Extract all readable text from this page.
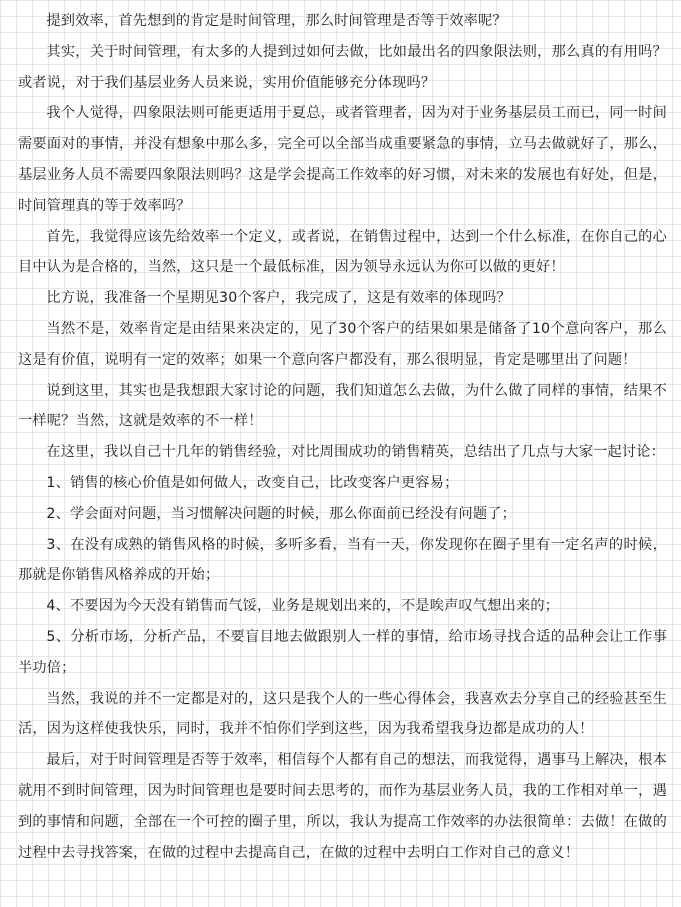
提到效率，首先想到的肯定是时间管理，那么时间管理是否等于效率呢？

其实，关于时间管理，有太多的人提到过如何去做，比如最出名的四象限法则，那么真的有用吗？或者说，对于我们基层业务人员来说，实用价值能够充分体现吗？

我个人觉得，四象限法则可能更适用于夏总，或者管理者，因为对于业务基层员工而已，同一时间需要面对的事情，并没有想象中那么多，完全可以全部当成重要紧急的事情，立马去做就好了，那么，基层业务人员不需要四象限法则吗？这是学会提高工作效率的好习惯，对未来的发展也有好处，但是，时间管理真的等于效率吗？

首先，我觉得应该先给效率一个定义，或者说，在销售过程中，达到一个什么标准，在你自己的心目中认为是合格的，当然，这只是一个最低标准，因为领导永远认为你可以做的更好！

比方说，我准备一个星期见30个客户，我完成了，这是有效率的体现吗？

当然不是，效率肯定是由结果来决定的，见了30个客户的结果如果是储备了10个意向客户，那么这是有价值，说明有一定的效率；如果一个意向客户都没有，那么很明显，肯定是哪里出了问题！

说到这里，其实也是我想跟大家讨论的问题，我们知道怎么去做，为什么做了同样的事情，结果不一样呢？当然，这就是效率的不一样！

在这里，我以自己十几年的销售经验，对比周围成功的销售精英，总结出了几点与大家一起讨论：

1、销售的核心价值是如何做人，改变自己，比改变客户更容易；

2、学会面对问题，当习惯解决问题的时候，那么你面前已经没有问题了；

3、在没有成熟的销售风格的时候，多听多看，当有一天，你发现你在圈子里有一定名声的时候，那就是你销售风格养成的开始；

4、不要因为今天没有销售而气馁，业务是规划出来的，不是唉声叹气想出来的；

5、分析市场，分析产品，不要盲目地去做跟别人一样的事情，给市场寻找合适的品种会让工作事半功倍；

当然，我说的并不一定都是对的，这只是我个人的一些心得体会，我喜欢去分享自己的经验甚至生活，因为这样使我快乐，同时，我并不怕你们学到这些，因为我希望我身边都是成功的人！

最后，对于时间管理是否等于效率，相信每个人都有自己的想法，而我觉得，遇事马上解决，根本就用不到时间管理，因为时间管理也是要时间去思考的，而作为基层业务人员，我的工作相对单一，遇到的事情和问题，全部在一个可控的圈子里，所以，我认为提高工作效率的办法很简单：去做！在做的过程中去寻找答案，在做的过程中去提高自己，在做的过程中去明白工作对自己的意义！
